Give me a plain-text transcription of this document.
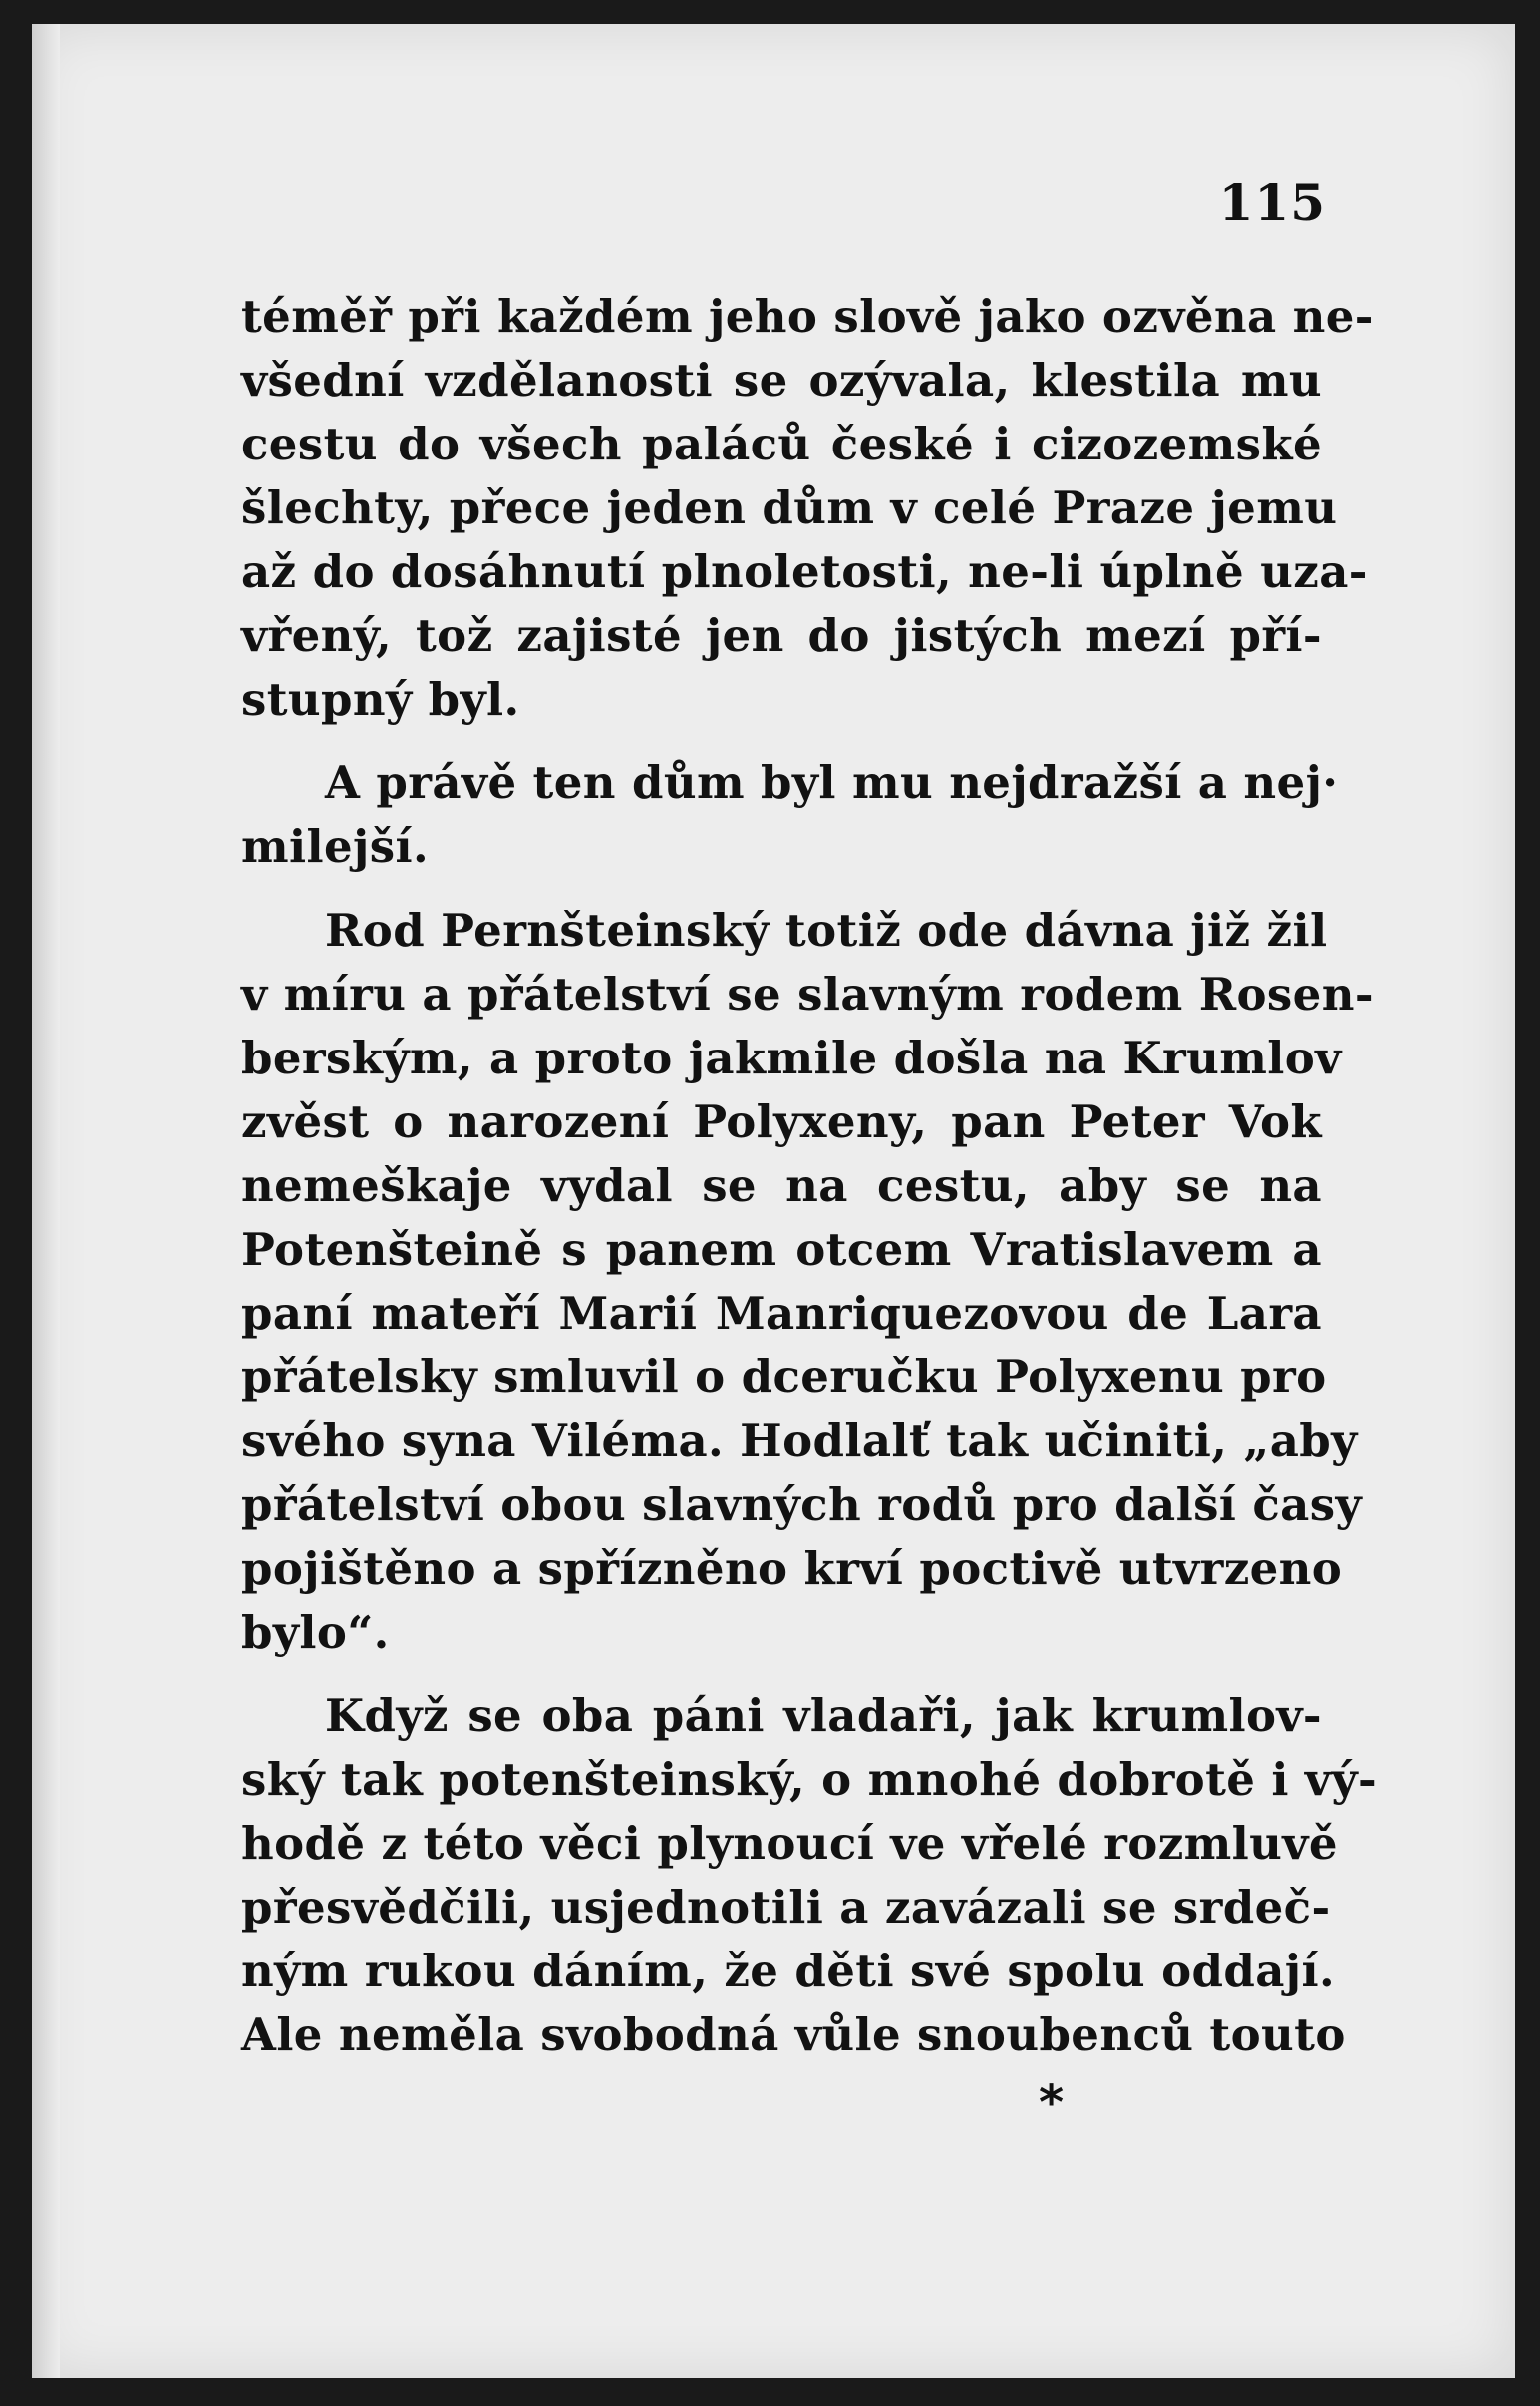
115
téměř při každém jeho slově jako ozvěna ne-
všední vzdělanosti se ozývala, klestila mu
cestu do všech paláců české i cizozemské
šlechty, přece jeden dům v celé Praze jemu
až do dosáhnutí plnoletosti, ne-li úplně uza-
vřený, tož zajisté jen do jistých mezí pří-
stupný byl.
A právě ten dům byl mu nejdražší a nej·
milejší.
Rod Pernšteinský totiž ode dávna již žil
v míru a přátelství se slavným rodem Rosen-
berským, a proto jakmile došla na Krumlov
zvěst o narození Polyxeny, pan Peter Vok
nemeškaje vydal se na cestu, aby se na
Potenšteině s panem otcem Vratislavem a
paní mateří Marií Manriquezovou de Lara
přátelsky smluvil o dceručku Polyxenu pro
svého syna Viléma. Hodlalť tak učiniti, „aby
přátelství obou slavných rodů pro další časy
pojištěno a spřízněno krví poctivě utvrzeno
bylo“.
Když se oba páni vladaři, jak krumlov-
ský tak potenšteinský, o mnohé dobrotě i vý-
hodě z této věci plynoucí ve vřelé rozmluvě
přesvědčili, usjednotili a zavázali se srdeč-
ným rukou dáním, že děti své spolu oddají.
Ale neměla svobodná vůle snoubenců touto
*
